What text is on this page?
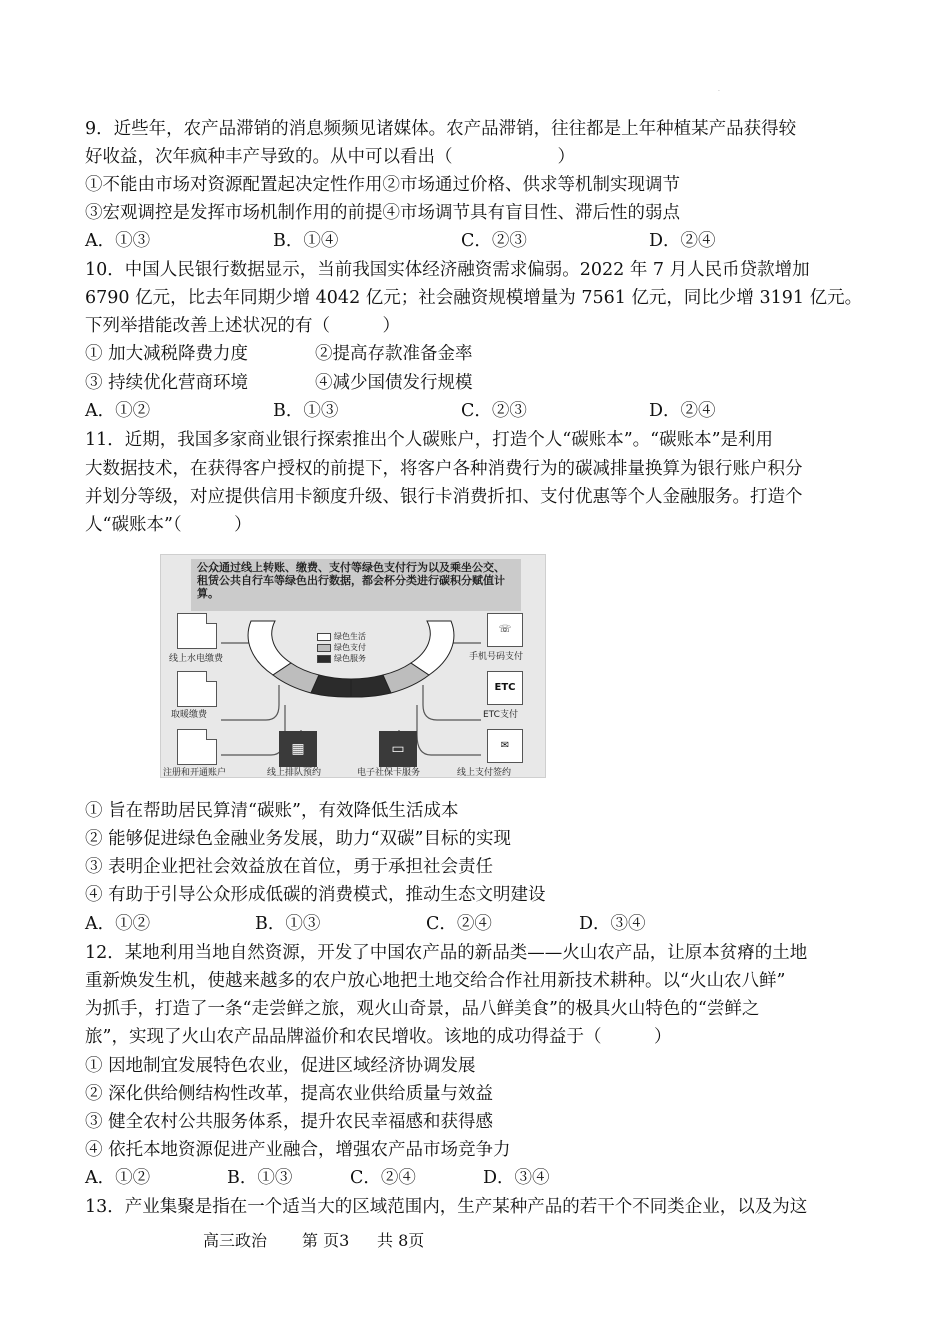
·
9．近些年，农产品滞销的消息频频见诸媒体。农产品滞销，往往都是上年种植某产品获得较
好收益，次年疯种丰产导致的。从中可以看出（　　　　　　）
①不能由市场对资源配置起决定性作用②市场通过价格、供求等机制实现调节
③宏观调控是发挥市场机制作用的前提④市场调节具有盲目性、滞后性的弱点
A．①③	B．①④	C．②③	D．②④
10．中国人民银行数据显示，当前我国实体经济融资需求偏弱。2022 年 7 月人民币贷款增加
6790 亿元，比去年同期少增 4042 亿元；社会融资规模增量为 7561 亿元，同比少增 3191 亿元。
下列举措能改善上述状况的有（　　　）
① 加大减税降费力度	②提高存款准备金率
③ 持续优化营商环境	④减少国债发行规模
A．①②	B．①③	C．②③	D．②④
11．近期，我国多家商业银行探索推出个人碳账户，打造个人“碳账本”。“碳账本”是利用
大数据技术，在获得客户授权的前提下，将客户各种消费行为的碳减排量换算为银行账户积分
并划分等级，对应提供信用卡额度升级、银行卡消费折扣、支付优惠等个人金融服务。打造个
人“碳账本”（　　　）
公众通过线上转账、缴费、支付等绿色支付行为以及乘坐公交、租赁公共自行车等绿色出行数据，都会杯分类进行碳积分赋值计算。
绿色生活
绿色支付
绿色服务
线上水电缴费
取暖缴费
注册和开通账户
▦
线上排队预约
▭
电子社保卡服务	线上支付签约
☏
手机号码支付
ETC
ETC支付
✉
① 旨在帮助居民算清“碳账”，有效降低生活成本
② 能够促进绿色金融业务发展，助力“双碳”目标的实现
③ 表明企业把社会效益放在首位，勇于承担社会责任
④ 有助于引导公众形成低碳的消费模式，推动生态文明建设
A．①②	B．①③	C．②④	D．③④
12．某地利用当地自然资源，开发了中国农产品的新品类——火山农产品，让原本贫瘠的土地
重新焕发生机，使越来越多的农户放心地把土地交给合作社用新技术耕种。以“火山农八鲜”
为抓手，打造了一条“走尝鲜之旅，观火山奇景，品八鲜美食”的极具火山特色的“尝鲜之
旅”，实现了火山农产品品牌溢价和农民增收。该地的成功得益于（　　　）
① 因地制宜发展特色农业，促进区域经济协调发展
② 深化供给侧结构性改革，提高农业供给质量与效益
③ 健全农村公共服务体系，提升农民幸福感和获得感
④ 依托本地资源促进产业融合，增强农产品市场竞争力
A．①②	B．①③	C．②④	D．③④
13．产业集聚是指在一个适当大的区域范围内，生产某种产品的若干个不同类企业，以及为这
高三政治 第 页3 共 8页
